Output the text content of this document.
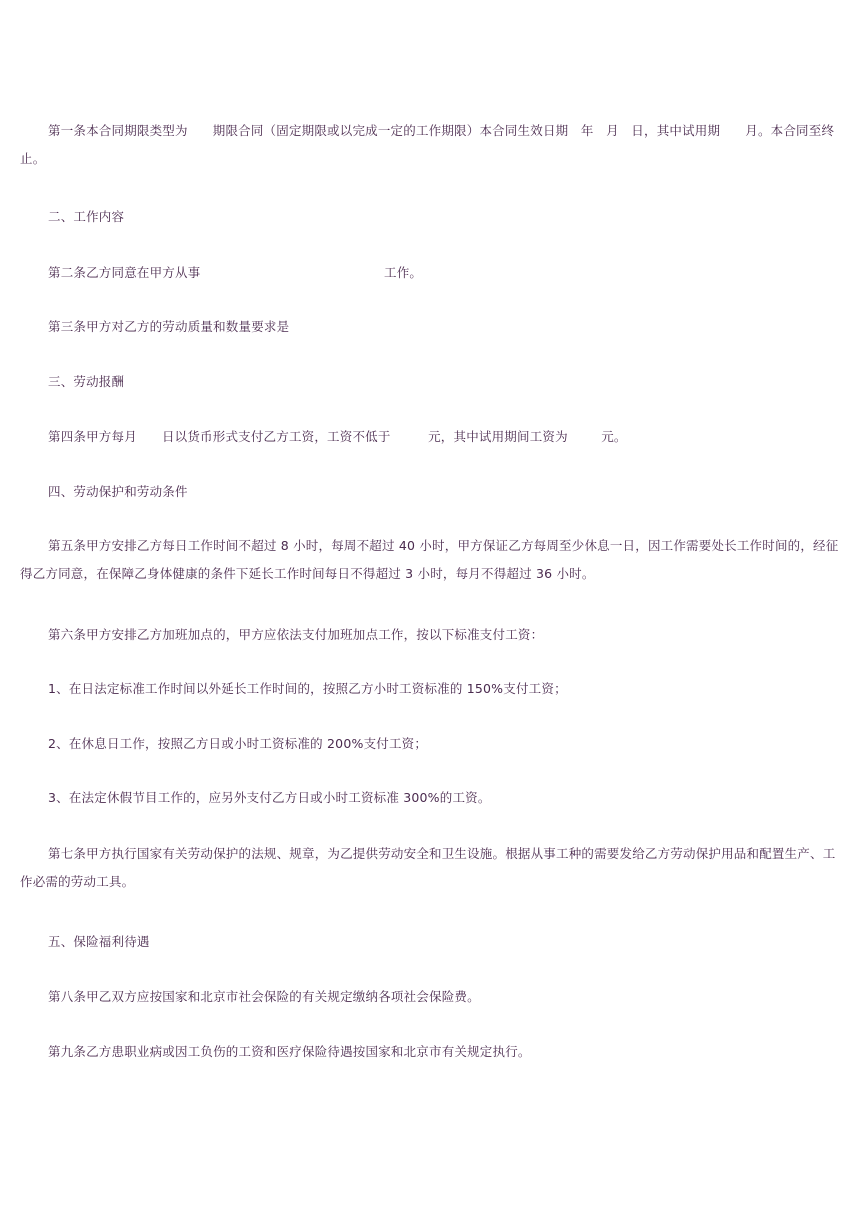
第一条本合同期限类型为      期限合同（固定期限或以完成一定的工作期限）本合同生效日期   年   月   日，其中试用期      月。本合同至终止。

二、工作内容

第二条乙方同意在甲方从事                                            工作。

第三条甲方对乙方的劳动质量和数量要求是

三、劳动报酬

第四条甲方每月      日以货币形式支付乙方工资，工资不低于         元，其中试用期间工资为        元。

四、劳动保护和劳动条件

第五条甲方安排乙方每日工作时间不超过 8 小时，每周不超过 40 小时，甲方保证乙方每周至少休息一日，因工作需要处长工作时间的，经征得乙方同意，在保障乙身体健康的条件下延长工作时间每日不得超过 3 小时，每月不得超过 36 小时。

第六条甲方安排乙方加班加点的，甲方应依法支付加班加点工作，按以下标准支付工资：

1、在日法定标准工作时间以外延长工作时间的，按照乙方小时工资标准的 150%支付工资；

2、在休息日工作，按照乙方日或小时工资标准的 200%支付工资；

3、在法定休假节目工作的，应另外支付乙方日或小时工资标准 300%的工资。

第七条甲方执行国家有关劳动保护的法规、规章，为乙提供劳动安全和卫生设施。根据从事工种的需要发给乙方劳动保护用品和配置生产、工作必需的劳动工具。

五、保险福利待遇

第八条甲乙双方应按国家和北京市社会保险的有关规定缴纳各项社会保险费。

第九条乙方患职业病或因工负伤的工资和医疗保险待遇按国家和北京市有关规定执行。
